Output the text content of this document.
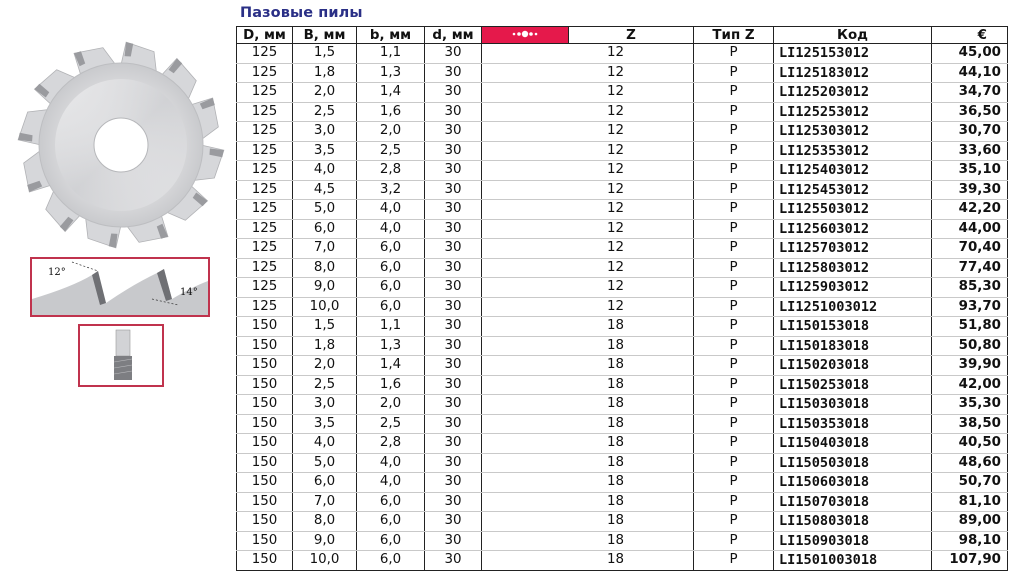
12°
14°
Пазовые пилы
D, мм	B, мм	b, мм	d, мм		Z			Тип Z	Код	€
125	1,5	1,1	30			12		P	LI125153012	45,00
125	1,8	1,3	30			12		P	LI125183012	44,10
125	2,0	1,4	30			12		P	LI125203012	34,70
125	2,5	1,6	30			12		P	LI125253012	36,50
125	3,0	2,0	30			12		P	LI125303012	30,70
125	3,5	2,5	30			12		P	LI125353012	33,60
125	4,0	2,8	30			12		P	LI125403012	35,10
125	4,5	3,2	30			12		P	LI125453012	39,30
125	5,0	4,0	30			12		P	LI125503012	42,20
125	6,0	4,0	30			12		P	LI125603012	44,00
125	7,0	6,0	30			12		P	LI125703012	70,40
125	8,0	6,0	30			12		P	LI125803012	77,40
125	9,0	6,0	30			12		P	LI125903012	85,30
125	10,0	6,0	30			12		P	LI1251003012	93,70
150	1,5	1,1	30			18		P	LI150153018	51,80
150	1,8	1,3	30			18		P	LI150183018	50,80
150	2,0	1,4	30			18		P	LI150203018	39,90
150	2,5	1,6	30			18		P	LI150253018	42,00
150	3,0	2,0	30			18		P	LI150303018	35,30
150	3,5	2,5	30			18		P	LI150353018	38,50
150	4,0	2,8	30			18		P	LI150403018	40,50
150	5,0	4,0	30			18		P	LI150503018	48,60
150	6,0	4,0	30			18		P	LI150603018	50,70
150	7,0	6,0	30			18		P	LI150703018	81,10
150	8,0	6,0	30			18		P	LI150803018	89,00
150	9,0	6,0	30			18		P	LI150903018	98,10
150	10,0	6,0	30			18		P	LI1501003018	107,90
